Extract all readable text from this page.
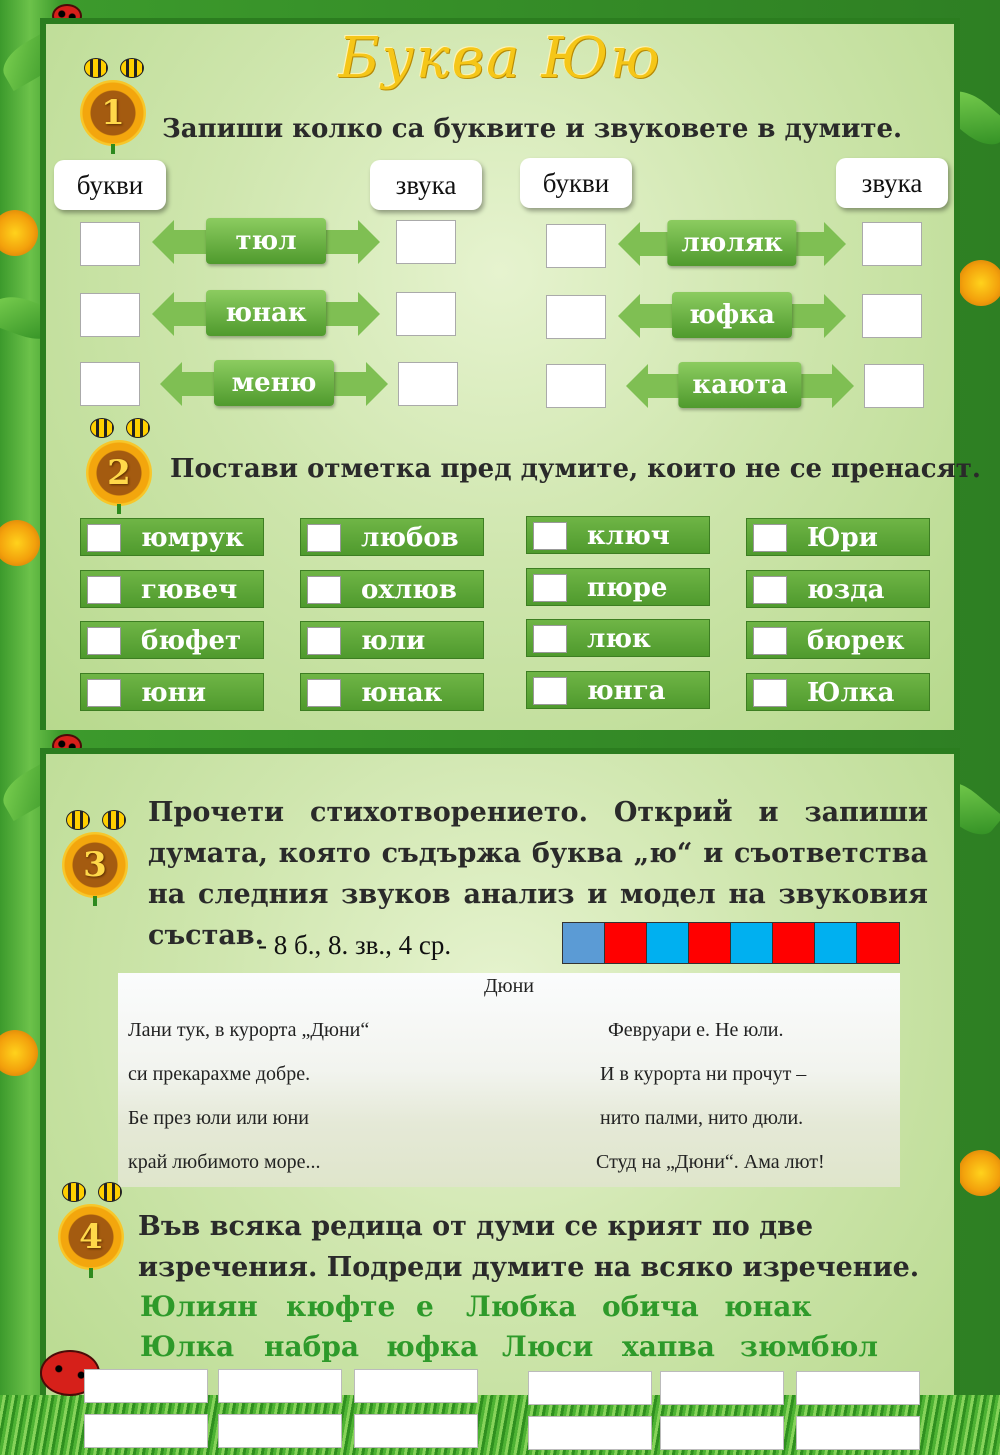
Буква Юю
1	Запиши колко са буквите и звуковете в думите.
букви	звука	букви	звука
тюл
юнак
меню
люляк
юфка
каюта
2	Постави отметка пред думите, които не се пренасят.
юмрук
гювеч
бюфет
юни
любов
охлюв
юли
юнак
ключ
пюре
люк
юнга
Юри
юзда
бюрек
Юлка
3
Прочети стихотворението. Открий и запиши думата, която съдържа буква „ю“ и съответства на следния звуков анализ и модел на звуковия състав.
- 8 б., 8. зв., 4 ср.
Дюни
Лани тук, в курорта „Дюни“
си прекарахме добре.
Бе през юли или юни
край любимото море...
Февруари е. Не юли.
И в курорта ни прочут –
нито палми, нито дюли.
Студ на „Дюни“. Ама лют!
4	Във всяка редица от думи се крият по две изречения. Подреди думите на всяко изречение.
Юлиян кюфте е Любка обича юнак
Юлка набра юфка Люси хапва зюмбюл
